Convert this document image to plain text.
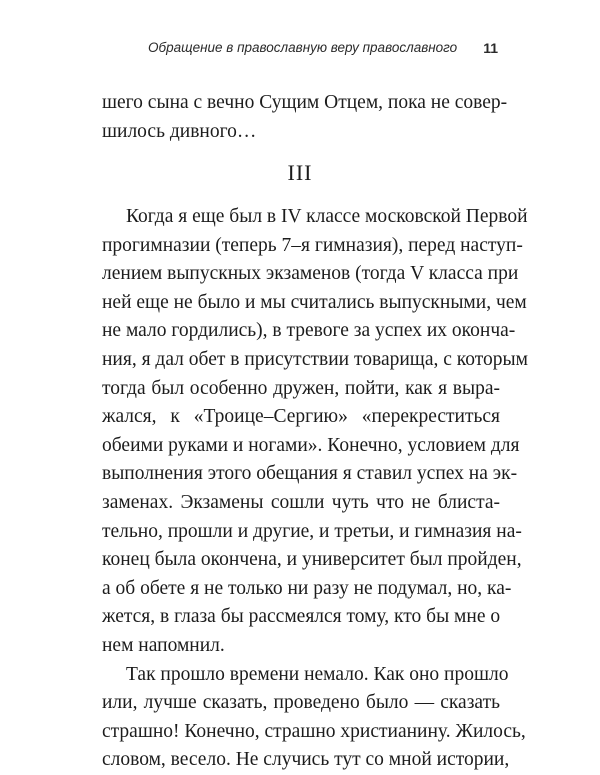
Обращение в православную веру православного 11
шего сына с вечно Сущим Отцем, пока не совер-
шилось дивного…
III
Когда я еще был в IV классе московской Первой
прогимназии (теперь 7–я гимназия), перед наступ-
лением выпускных экзаменов (тогда V класса при
ней еще не было и мы считались выпускными, чем
не мало гордились), в тревоге за успех их оконча-
ния, я дал обет в присутствии товарища, с которым
тогда был особенно дружен, пойти, как я выра-
жался, к «Троице–Сергию» «перекреститься
обеими руками и ногами». Конечно, условием для
выполнения этого обещания я ставил успех на эк-
заменах. Экзамены сошли чуть что не блиста-
тельно, прошли и другие, и третьи, и гимназия на-
конец была окончена, и университет был пройден,
а об обете я не только ни разу не подумал, но, ка-
жется, в глаза бы рассмеялся тому, кто бы мне о
нем напомнил.
Так прошло времени немало. Как оно прошло
или, лучше сказать, проведено было — сказать
страшно! Конечно, страшно христианину. Жилось,
словом, весело. Не случись тут со мной истории,
